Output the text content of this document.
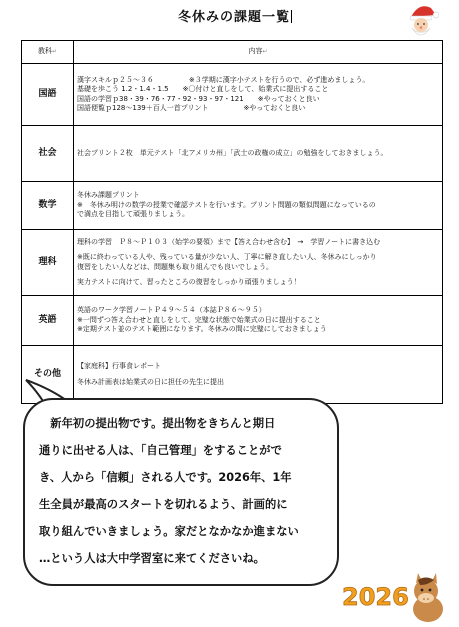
冬休みの課題一覧
教科↵	内容↵
国語	漢字スキルｐ２５～３６　　　　　※３学期に漢字小テストを行うので、必ず進めましょう。
基礎を歩こう 1.2・1.4・1.5　　※〇付けと直しをして、始業式に提出すること
国語の学習ｐ38・39・76・77・92・93・97・121　　※やっておくと良い
国語便覧ｐ128～139＋百人一首プリント　　　　　※やっておくと良い

社会	社会プリント２枚　単元テスト「北アメリカ州」「武士の政権の成立」の勉強をしておきましょう。

数学	冬休み課題プリント
※　冬休み明けの数学の授業で確認テストを行います。プリント問題の類似問題になっているの
で満点を目指して頑張りましょう。

理科	理科の学習　Ｐ８～Ｐ１０３（始学の要領）まで【答え合わせ含む】　→　学習ノートに書き込む
※既に終わっている人や、残っている量が少ない人、丁寧に解き直したい人、冬休みにしっかり
復習をしたい人などは、問題集も取り組んでも良いでしょう。
実力テストに向けて、習ったところの復習をしっかり頑張りましょう！

英語	英語のワーク学習ノートＰ４９～５４（本誌Ｐ８６～９５）
※一問ずつ答え合わせと直しをして、完璧な状態で始業式の日に提出すること
※定期テスト並のテスト範囲になります。冬休みの間に完璧にしておきましょう

その他	【家庭科】行事食レポート
冬休み計画表は始業式の日に担任の先生に提出

　新年初の提出物です。提出物をきちんと期日

通りに出せる人は、「自己管理」をすることがで

き、人から「信頼」される人です。2026年、1年

生全員が最高のスタートを切れるよう、計画的に

取り組んでいきましょう。家だとなかなか進まない

…という人は大中学習室に来てくださいね。

2026
